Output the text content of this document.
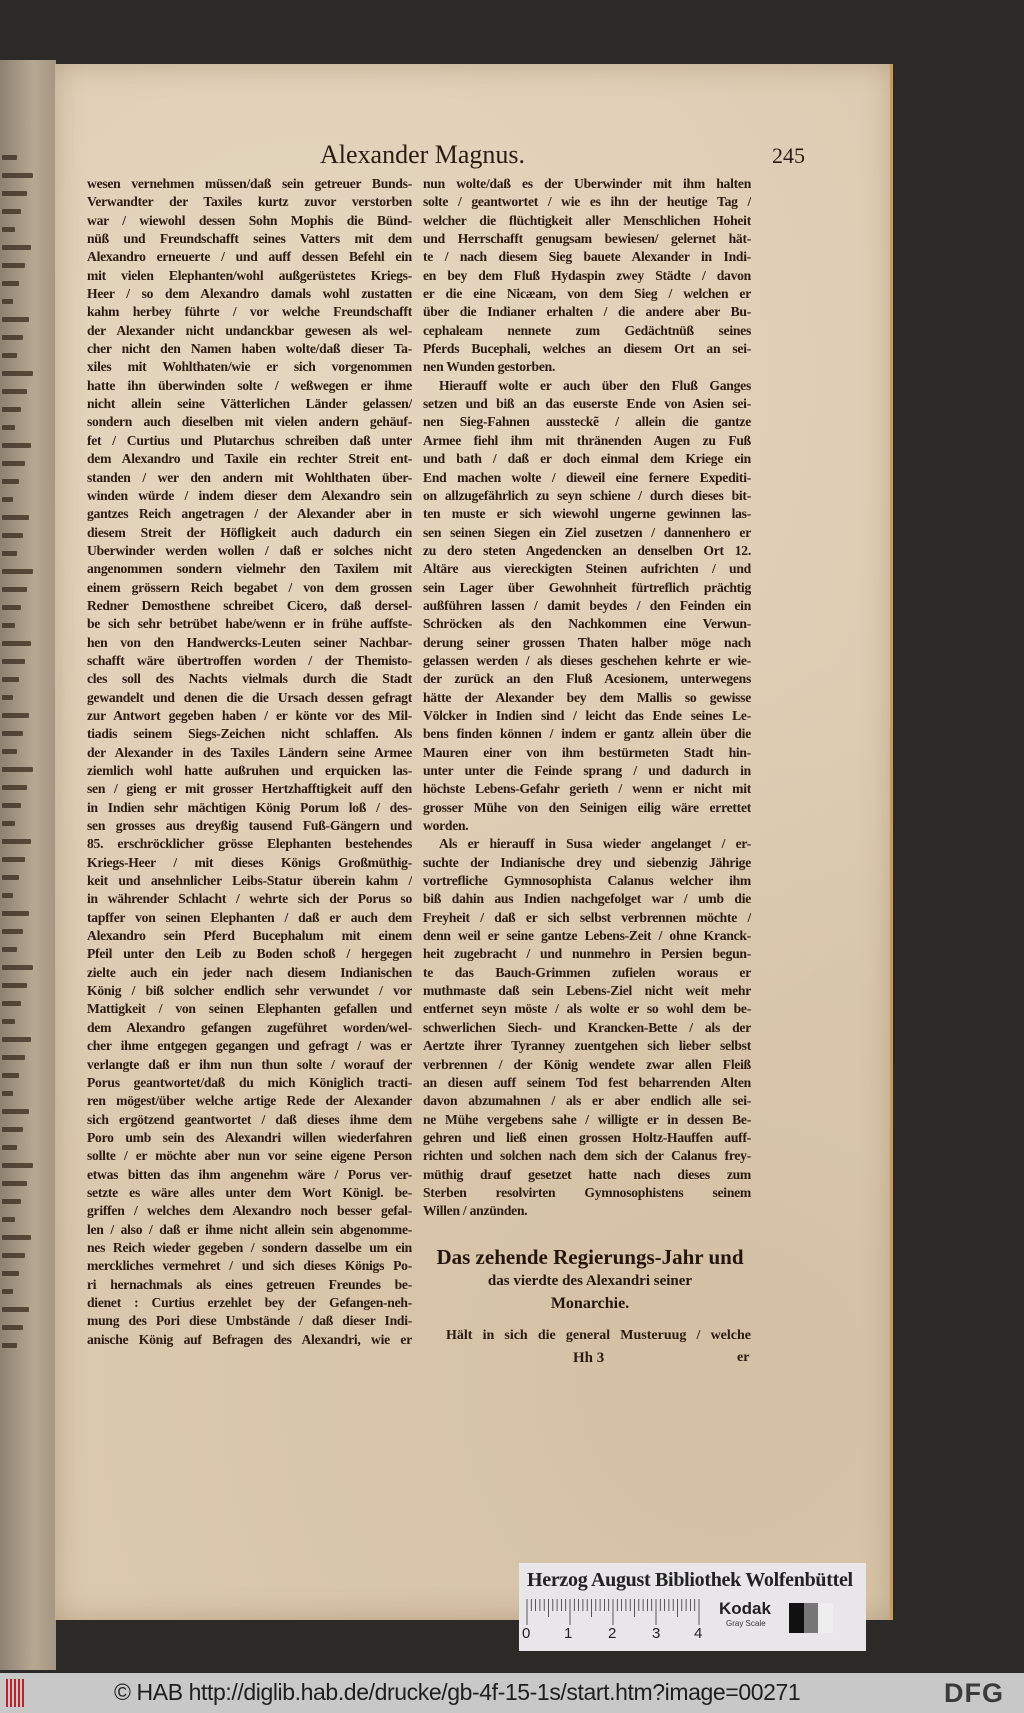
Alexander Magnus.	245
wesen vernehmen müssen/daß sein getreuer Bunds-
Verwandter der Taxiles kurtz zuvor verstorben
war / wiewohl dessen Sohn Mophis die Bünd-
nüß und Freundschafft seines Vatters mit dem
Alexandro erneuerte / und auff dessen Befehl ein
mit vielen Elephanten/wohl außgerüstetes Kriegs-
Heer / so dem Alexandro damals wohl zustatten
kahm herbey führte / vor welche Freundschafft
der Alexander nicht undanckbar gewesen als wel-
cher nicht den Namen haben wolte/daß dieser Ta-
xiles mit Wohlthaten/wie er sich vorgenommen
hatte ihn überwinden solte / weßwegen er ihme
nicht allein seine Vätterlichen Länder gelassen/
sondern auch dieselben mit vielen andern gehäuf-
fet / Curtius und Plutarchus schreiben daß unter
dem Alexandro und Taxile ein rechter Streit ent-
standen / wer den andern mit Wohlthaten über-
winden würde / indem dieser dem Alexandro sein
gantzes Reich angetragen / der Alexander aber in
diesem Streit der Höfligkeit auch dadurch ein
Uberwinder werden wollen / daß er solches nicht
angenommen sondern vielmehr den Taxilem mit
einem grössern Reich begabet / von dem grossen
Redner Demosthene schreibet Cicero, daß dersel-
be sich sehr betrübet habe/wenn er in frühe auffste-
hen von den Handwercks-Leuten seiner Nachbar-
schafft wäre übertroffen worden / der Themisto-
cles soll des Nachts vielmals durch die Stadt
gewandelt und denen die die Ursach dessen gefragt
zur Antwort gegeben haben / er könte vor des Mil-
tiadis seinem Siegs-Zeichen nicht schlaffen. Als
der Alexander in des Taxiles Ländern seine Armee
ziemlich wohl hatte außruhen und erquicken las-
sen / gieng er mit grosser Hertzhafftigkeit auff den
in Indien sehr mächtigen König Porum loß / des-
sen grosses aus dreyßig tausend Fuß-Gängern und
85. erschröcklicher grösse Elephanten bestehendes
Kriegs-Heer / mit dieses Königs Großmüthig-
keit und ansehnlicher Leibs-Statur überein kahm /
in währender Schlacht / wehrte sich der Porus so
tapffer von seinen Elephanten / daß er auch dem
Alexandro sein Pferd Bucephalum mit einem
Pfeil unter den Leib zu Boden schoß / hergegen
zielte auch ein jeder nach diesem Indianischen
König / biß solcher endlich sehr verwundet / vor
Mattigkeit / von seinen Elephanten gefallen und
dem Alexandro gefangen zugeführet worden/wel-
cher ihme entgegen gegangen und gefragt / was er
verlangte daß er ihm nun thun solte / worauf der
Porus geantwortet/daß du mich Königlich tracti-
ren mögest/über welche artige Rede der Alexander
sich ergötzend geantwortet / daß dieses ihme dem
Poro umb sein des Alexandri willen wiederfahren
sollte / er möchte aber nun vor seine eigene Person
etwas bitten das ihm angenehm wäre / Porus ver-
setzte es wäre alles unter dem Wort Königl. be-
griffen / welches dem Alexandro noch besser gefal-
len / also / daß er ihme nicht allein sein abgenomme-
nes Reich wieder gegeben / sondern dasselbe um ein
merckliches vermehret / und sich dieses Königs Po-
ri hernachmals als eines getreuen Freundes be-
dienet : Curtius erzehlet bey der Gefangen-neh-
mung des Pori diese Umbstände / daß dieser Indi-
anische König auf Befragen des Alexandri, wie er
nun wolte/daß es der Uberwinder mit ihm halten
solte / geantwortet / wie es ihn der heutige Tag /
welcher die flüchtigkeit aller Menschlichen Hoheit
und Herrschafft genugsam bewiesen/ gelernet hät-
te / nach diesem Sieg bauete Alexander in Indi-
en bey dem Fluß Hydaspin zwey Städte / davon
er die eine Nicæam, von dem Sieg / welchen er
über die Indianer erhalten / die andere aber Bu-
cephaleam nennete zum Gedächtnüß seines
Pferds Bucephali, welches an diesem Ort an sei-
nen Wunden gestorben.
Hierauff wolte er auch über den Fluß Ganges
setzen und biß an das euserste Ende von Asien sei-
nen Sieg-Fahnen aussteckẽ / allein die gantze
Armee fiehl ihm mit thränenden Augen zu Fuß
und bath / daß er doch einmal dem Kriege ein
End machen wolte / dieweil eine fernere Expediti-
on allzugefährlich zu seyn schiene / durch dieses bit-
ten muste er sich wiewohl ungerne gewinnen las-
sen seinen Siegen ein Ziel zusetzen / dannenhero er
zu dero steten Angedencken an denselben Ort 12.
Altäre aus viereckigten Steinen aufrichten / und
sein Lager über Gewohnheit fürtreflich prächtig
außführen lassen / damit beydes / den Feinden ein
Schröcken als den Nachkommen eine Verwun-
derung seiner grossen Thaten halber möge nach
gelassen werden / als dieses geschehen kehrte er wie-
der zurück an den Fluß Acesionem, unterwegens
hätte der Alexander bey dem Mallis so gewisse
Völcker in Indien sind / leicht das Ende seines Le-
bens finden können / indem er gantz allein über die
Mauren einer von ihm bestürmeten Stadt hin-
unter unter die Feinde sprang / und dadurch in
höchste Lebens-Gefahr gerieth / wenn er nicht mit
grosser Mühe von den Seinigen eilig wäre errettet
worden.
Als er hierauff in Susa wieder angelanget / er-
suchte der Indianische drey und siebenzig Jährige
vortrefliche Gymnosophista Calanus welcher ihm
biß dahin aus Indien nachgefolget war / umb die
Freyheit / daß er sich selbst verbrennen möchte /
denn weil er seine gantze Lebens-Zeit / ohne Kranck-
heit zugebracht / und nunmehro in Persien begun-
te das Bauch-Grimmen zufielen woraus er
muthmaste daß sein Lebens-Ziel nicht weit mehr
entfernet seyn möste / als wolte er so wohl dem be-
schwerlichen Siech- und Krancken-Bette / als der
Aertzte ihrer Tyranney zuentgehen sich lieber selbst
verbrennen / der König wendete zwar allen Fleiß
an diesen auff seinem Tod fest beharrenden Alten
davon abzumahnen / als er aber endlich alle sei-
ne Mühe vergebens sahe / willigte er in dessen Be-
gehren und ließ einen grossen Holtz-Hauffen auff-
richten und solchen nach dem sich der Calanus frey-
müthig drauf gesetzet hatte nach dieses zum
Sterben resolvirten Gymnosophistens seinem
Willen / anzünden.
Das zehende Regierungs-Jahr und
das vierdte des Alexandri seiner
Monarchie.
Hält in sich die general Musteruug / welche
Hh 3	er
Herzog August Bibliothek Wolfenbüttel
0 1 2 3 4
Kodak
Gray Scale
© HAB http://diglib.hab.de/drucke/gb-4f-15-1s/start.htm?image=00271	DFG
